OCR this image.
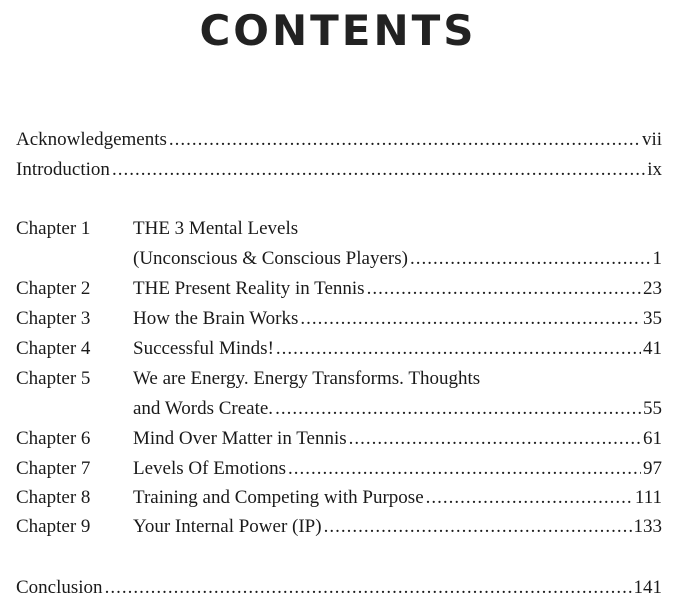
CONTENTS
Acknowledgements .....	vii
Introduction .....	ix
Chapter 1 THE 3 Mental Levels
(Unconscious & Conscious Players) .....	1
Chapter 2 THE Present Reality in Tennis .....	23
Chapter 3 How the Brain Works .....	35
Chapter 4 Successful Minds! .....	41
Chapter 5 We are Energy. Energy Transforms. Thoughts
and Words Create. .....	55
Chapter 6 Mind Over Matter in Tennis .....	61
Chapter 7 Levels Of Emotions .....	97
Chapter 8 Training and Competing with Purpose .....	111
Chapter 9 Your Internal Power (IP) .....	133
Conclusion .....	141
